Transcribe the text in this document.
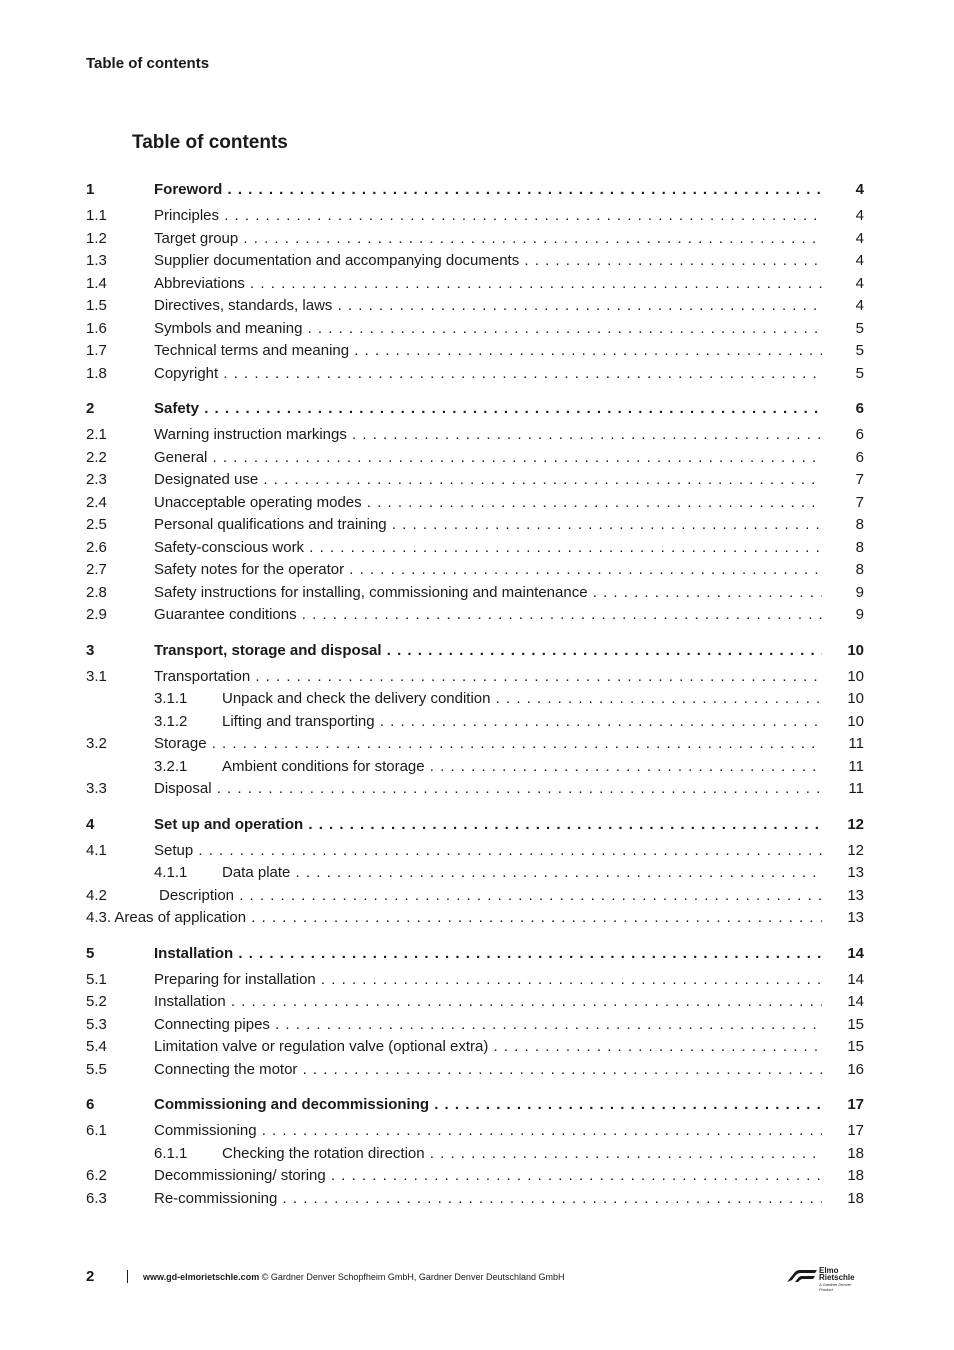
Table of contents
Table of contents
1	Foreword . . .	4
1.1	Principles . . .	4
1.2	Target group . . .	4
1.3	Supplier documentation and accompanying documents . . .	4
1.4	Abbreviations . . .	4
1.5	Directives, standards, laws . . .	4
1.6	Symbols and meaning . . .	5
1.7	Technical terms and meaning . . .	5
1.8	Copyright . . .	5
2	Safety . . .	6
2.1	Warning instruction markings . . .	6
2.2	General . . .	6
2.3	Designated use . . .	7
2.4	Unacceptable operating modes . . .	7
2.5	Personal qualifications and training . . .	8
2.6	Safety-conscious work . . .	8
2.7	Safety notes for the operator . . .	8
2.8	Safety instructions for installing, commissioning and maintenance . . .	9
2.9	Guarantee conditions . . .	9
3	Transport, storage and disposal . . .	10
3.1	Transportation . . .	10
3.1.1 Unpack and check the delivery condition . . .	10
3.1.2 Lifting and transporting . . .	10
3.2	Storage . . .	11
3.2.1 Ambient conditions for storage . . .	11
3.3	Disposal . . .	11
4	Set up and operation . . .	12
4.1	Setup . . .	12
4.1.1 Data plate . . .	13
4.2	Description . . .	13
4.3. Areas of application . . .	13
5	Installation . . .	14
5.1	Preparing for installation . . .	14
5.2	Installation . . .	14
5.3	Connecting pipes . . .	15
5.4	Limitation valve or regulation valve (optional extra) . . .	15
5.5	Connecting the motor . . .	16
6	Commissioning and decommissioning . . .	17
6.1	Commissioning . . .	17
6.1.1 Checking the rotation direction . . .	18
6.2	Decommissioning/ storing . . .	18
6.3	Re-commissioning . . .	18
2	www.gd-elmorietschle.com © Gardner Denver Schopfheim GmbH, Gardner Denver Deutschland GmbH
Elmo
Rietschle
A Gardner Denver Product
